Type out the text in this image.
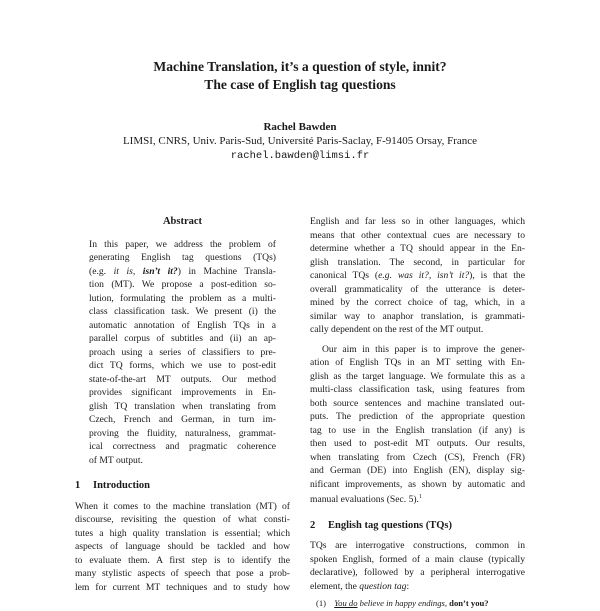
Machine Translation, it’s a question of style, innit?
The case of English tag questions
Rachel Bawden
LIMSI, CNRS, Univ. Paris-Sud, Université Paris-Saclay, F-91405 Orsay, France
rachel.bawden@limsi.fr
Abstract
In this paper, we address the problem of
generating English tag questions (TQs)
(e.g. it is, isn’t it?) in Machine Transla-
tion (MT). We propose a post-edition so-
lution, formulating the problem as a multi-
class classification task. We present (i) the
automatic annotation of English TQs in a
parallel corpus of subtitles and (ii) an ap-
proach using a series of classifiers to pre-
dict TQ forms, which we use to post-edit
state-of-the-art MT outputs. Our method
provides significant improvements in En-
glish TQ translation when translating from
Czech, French and German, in turn im-
proving the fluidity, naturalness, grammat-
ical correctness and pragmatic coherence
of MT output.
1 Introduction
When it comes to the machine translation (MT) of
discourse, revisiting the question of what consti-
tutes a high quality translation is essential; which
aspects of language should be tackled and how
to evaluate them. A first step is to identify the
many stylistic aspects of speech that pose a prob-
lem for current MT techniques and to study how
English and far less so in other languages, which
means that other contextual cues are necessary to
determine whether a TQ should appear in the En-
glish translation. The second, in particular for
canonical TQs (e.g. was it?, isn’t it?), is that the
overall grammaticality of the utterance is deter-
mined by the correct choice of tag, which, in a
similar way to anaphor translation, is grammati-
cally dependent on the rest of the MT output.
Our aim in this paper is to improve the gener-
ation of English TQs in an MT setting with En-
glish as the target language. We formulate this as a
multi-class classification task, using features from
both source sentences and machine translated out-
puts. The prediction of the appropriate question
tag to use in the English translation (if any) is
then used to post-edit MT outputs. Our results,
when translating from Czech (CS), French (FR)
and German (DE) into English (EN), display sig-
nificant improvements, as shown by automatic and
manual evaluations (Sec. 5).$^1$
2 English tag questions (TQs)
TQs are interrogative constructions, common in
spoken English, formed of a main clause (typically
declarative), followed by a peripheral interrogative
element, the question tag:
(1) You do believe in happy endings, don’t you?
